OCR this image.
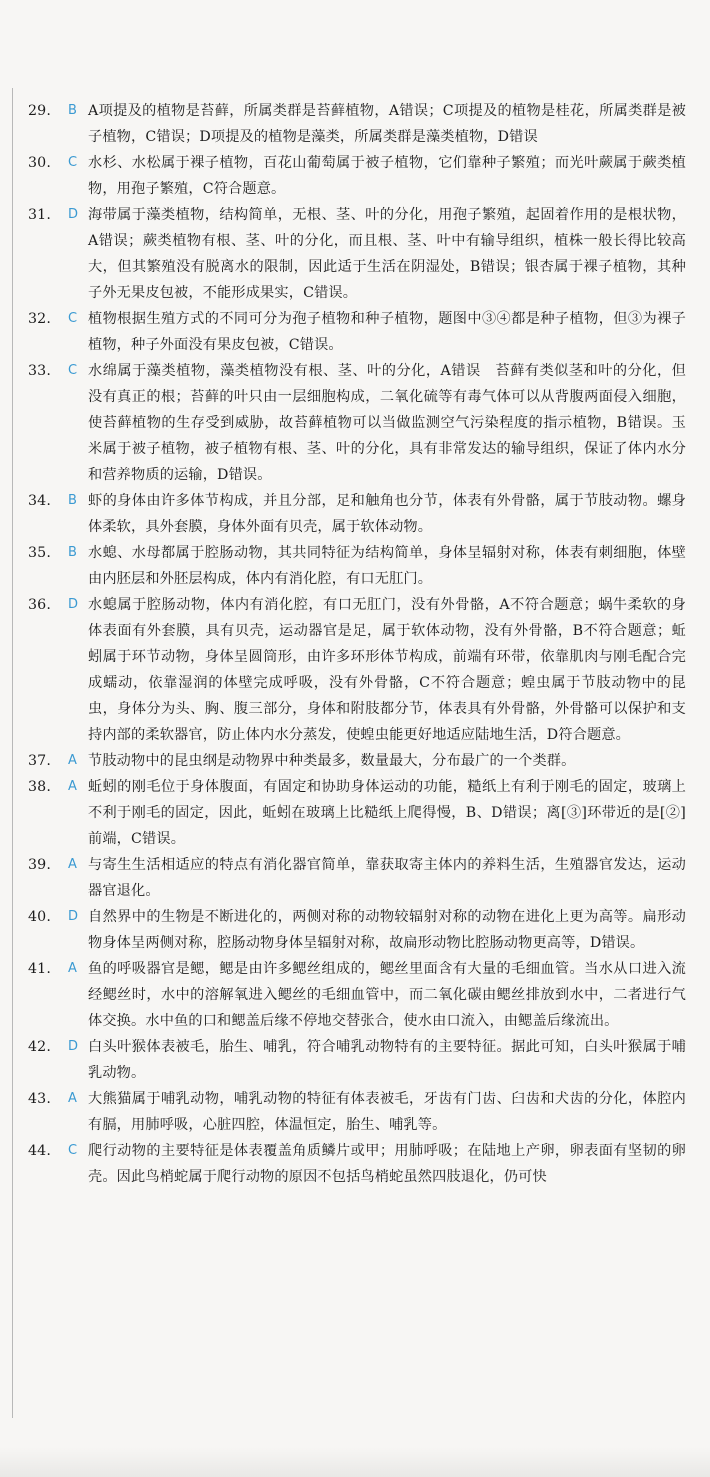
29.	B A项提及的植物是苔藓，所属类群是苔藓植物，A错误；C项提及的植物是桂花，所属类群是被子植物，C错误；D项提及的植物是藻类，所属类群是藻类植物，D错误
30.	C 水杉、水松属于裸子植物，百花山葡萄属于被子植物，它们靠种子繁殖；而光叶蕨属于蕨类植物，用孢子繁殖，C符合题意。
31.	D 海带属于藻类植物，结构简单，无根、茎、叶的分化，用孢子繁殖，起固着作用的是根状物，A错误；蕨类植物有根、茎、叶的分化，而且根、茎、叶中有输导组织，植株一般长得比较高大，但其繁殖没有脱离水的限制，因此适于生活在阴湿处，B错误；银杏属于裸子植物，其种子外无果皮包被，不能形成果实，C错误。
32.	C 植物根据生殖方式的不同可分为孢子植物和种子植物，题图中③④都是种子植物，但③为裸子植物，种子外面没有果皮包被，C错误。
33.	C 水绵属于藻类植物，藻类植物没有根、茎、叶的分化，A错误　苔藓有类似茎和叶的分化，但没有真正的根；苔藓的叶只由一层细胞构成，二氧化硫等有毒气体可以从背腹两面侵入细胞，使苔藓植物的生存受到威胁，故苔藓植物可以当做监测空气污染程度的指示植物，B错误。玉米属于被子植物，被子植物有根、茎、叶的分化，具有非常发达的输导组织，保证了体内水分和营养物质的运输，D错误。
34.	B 虾的身体由许多体节构成，并且分部，足和触角也分节，体表有外骨骼，属于节肢动物。螺身体柔软，具外套膜，身体外面有贝壳，属于软体动物。
35.	B 水螅、水母都属于腔肠动物，其共同特征为结构简单，身体呈辐射对称，体表有刺细胞，体壁由内胚层和外胚层构成，体内有消化腔，有口无肛门。
36.	D 水螅属于腔肠动物，体内有消化腔，有口无肛门，没有外骨骼，A不符合题意；蜗牛柔软的身体表面有外套膜，具有贝壳，运动器官是足，属于软体动物，没有外骨骼，B不符合题意；蚯蚓属于环节动物，身体呈圆筒形，由许多环形体节构成，前端有环带，依靠肌肉与刚毛配合完成蠕动，依靠湿润的体壁完成呼吸，没有外骨骼，C不符合题意；蝗虫属于节肢动物中的昆虫，身体分为头、胸、腹三部分，身体和附肢都分节，体表具有外骨骼，外骨骼可以保护和支持内部的柔软器官，防止体内水分蒸发，使蝗虫能更好地适应陆地生活，D符合题意。
37.	A 节肢动物中的昆虫纲是动物界中种类最多，数量最大，分布最广的一个类群。
38.	A 蚯蚓的刚毛位于身体腹面，有固定和协助身体运动的功能，糙纸上有利于刚毛的固定，玻璃上不利于刚毛的固定，因此，蚯蚓在玻璃上比糙纸上爬得慢，B、D错误；离[③]环带近的是[②]前端，C错误。
39.	A 与寄生生活相适应的特点有消化器官简单，靠获取寄主体内的养料生活，生殖器官发达，运动器官退化。
40.	D 自然界中的生物是不断进化的，两侧对称的动物较辐射对称的动物在进化上更为高等。扁形动物身体呈两侧对称，腔肠动物身体呈辐射对称，故扁形动物比腔肠动物更高等，D错误。
41.	A 鱼的呼吸器官是鳃，鳃是由许多鳃丝组成的，鳃丝里面含有大量的毛细血管。当水从口进入流经鳃丝时，水中的溶解氧进入鳃丝的毛细血管中，而二氧化碳由鳃丝排放到水中，二者进行气体交换。水中鱼的口和鳃盖后缘不停地交替张合，使水由口流入，由鳃盖后缘流出。
42.	D 白头叶猴体表被毛，胎生、哺乳，符合哺乳动物特有的主要特征。据此可知，白头叶猴属于哺乳动物。
43.	A 大熊猫属于哺乳动物，哺乳动物的特征有体表被毛，牙齿有门齿、臼齿和犬齿的分化，体腔内有膈，用肺呼吸，心脏四腔，体温恒定，胎生、哺乳等。
44.	C 爬行动物的主要特征是体表覆盖角质鳞片或甲；用肺呼吸；在陆地上产卵，卵表面有坚韧的卵壳。因此鸟梢蛇属于爬行动物的原因不包括鸟梢蛇虽然四肢退化，仍可快
